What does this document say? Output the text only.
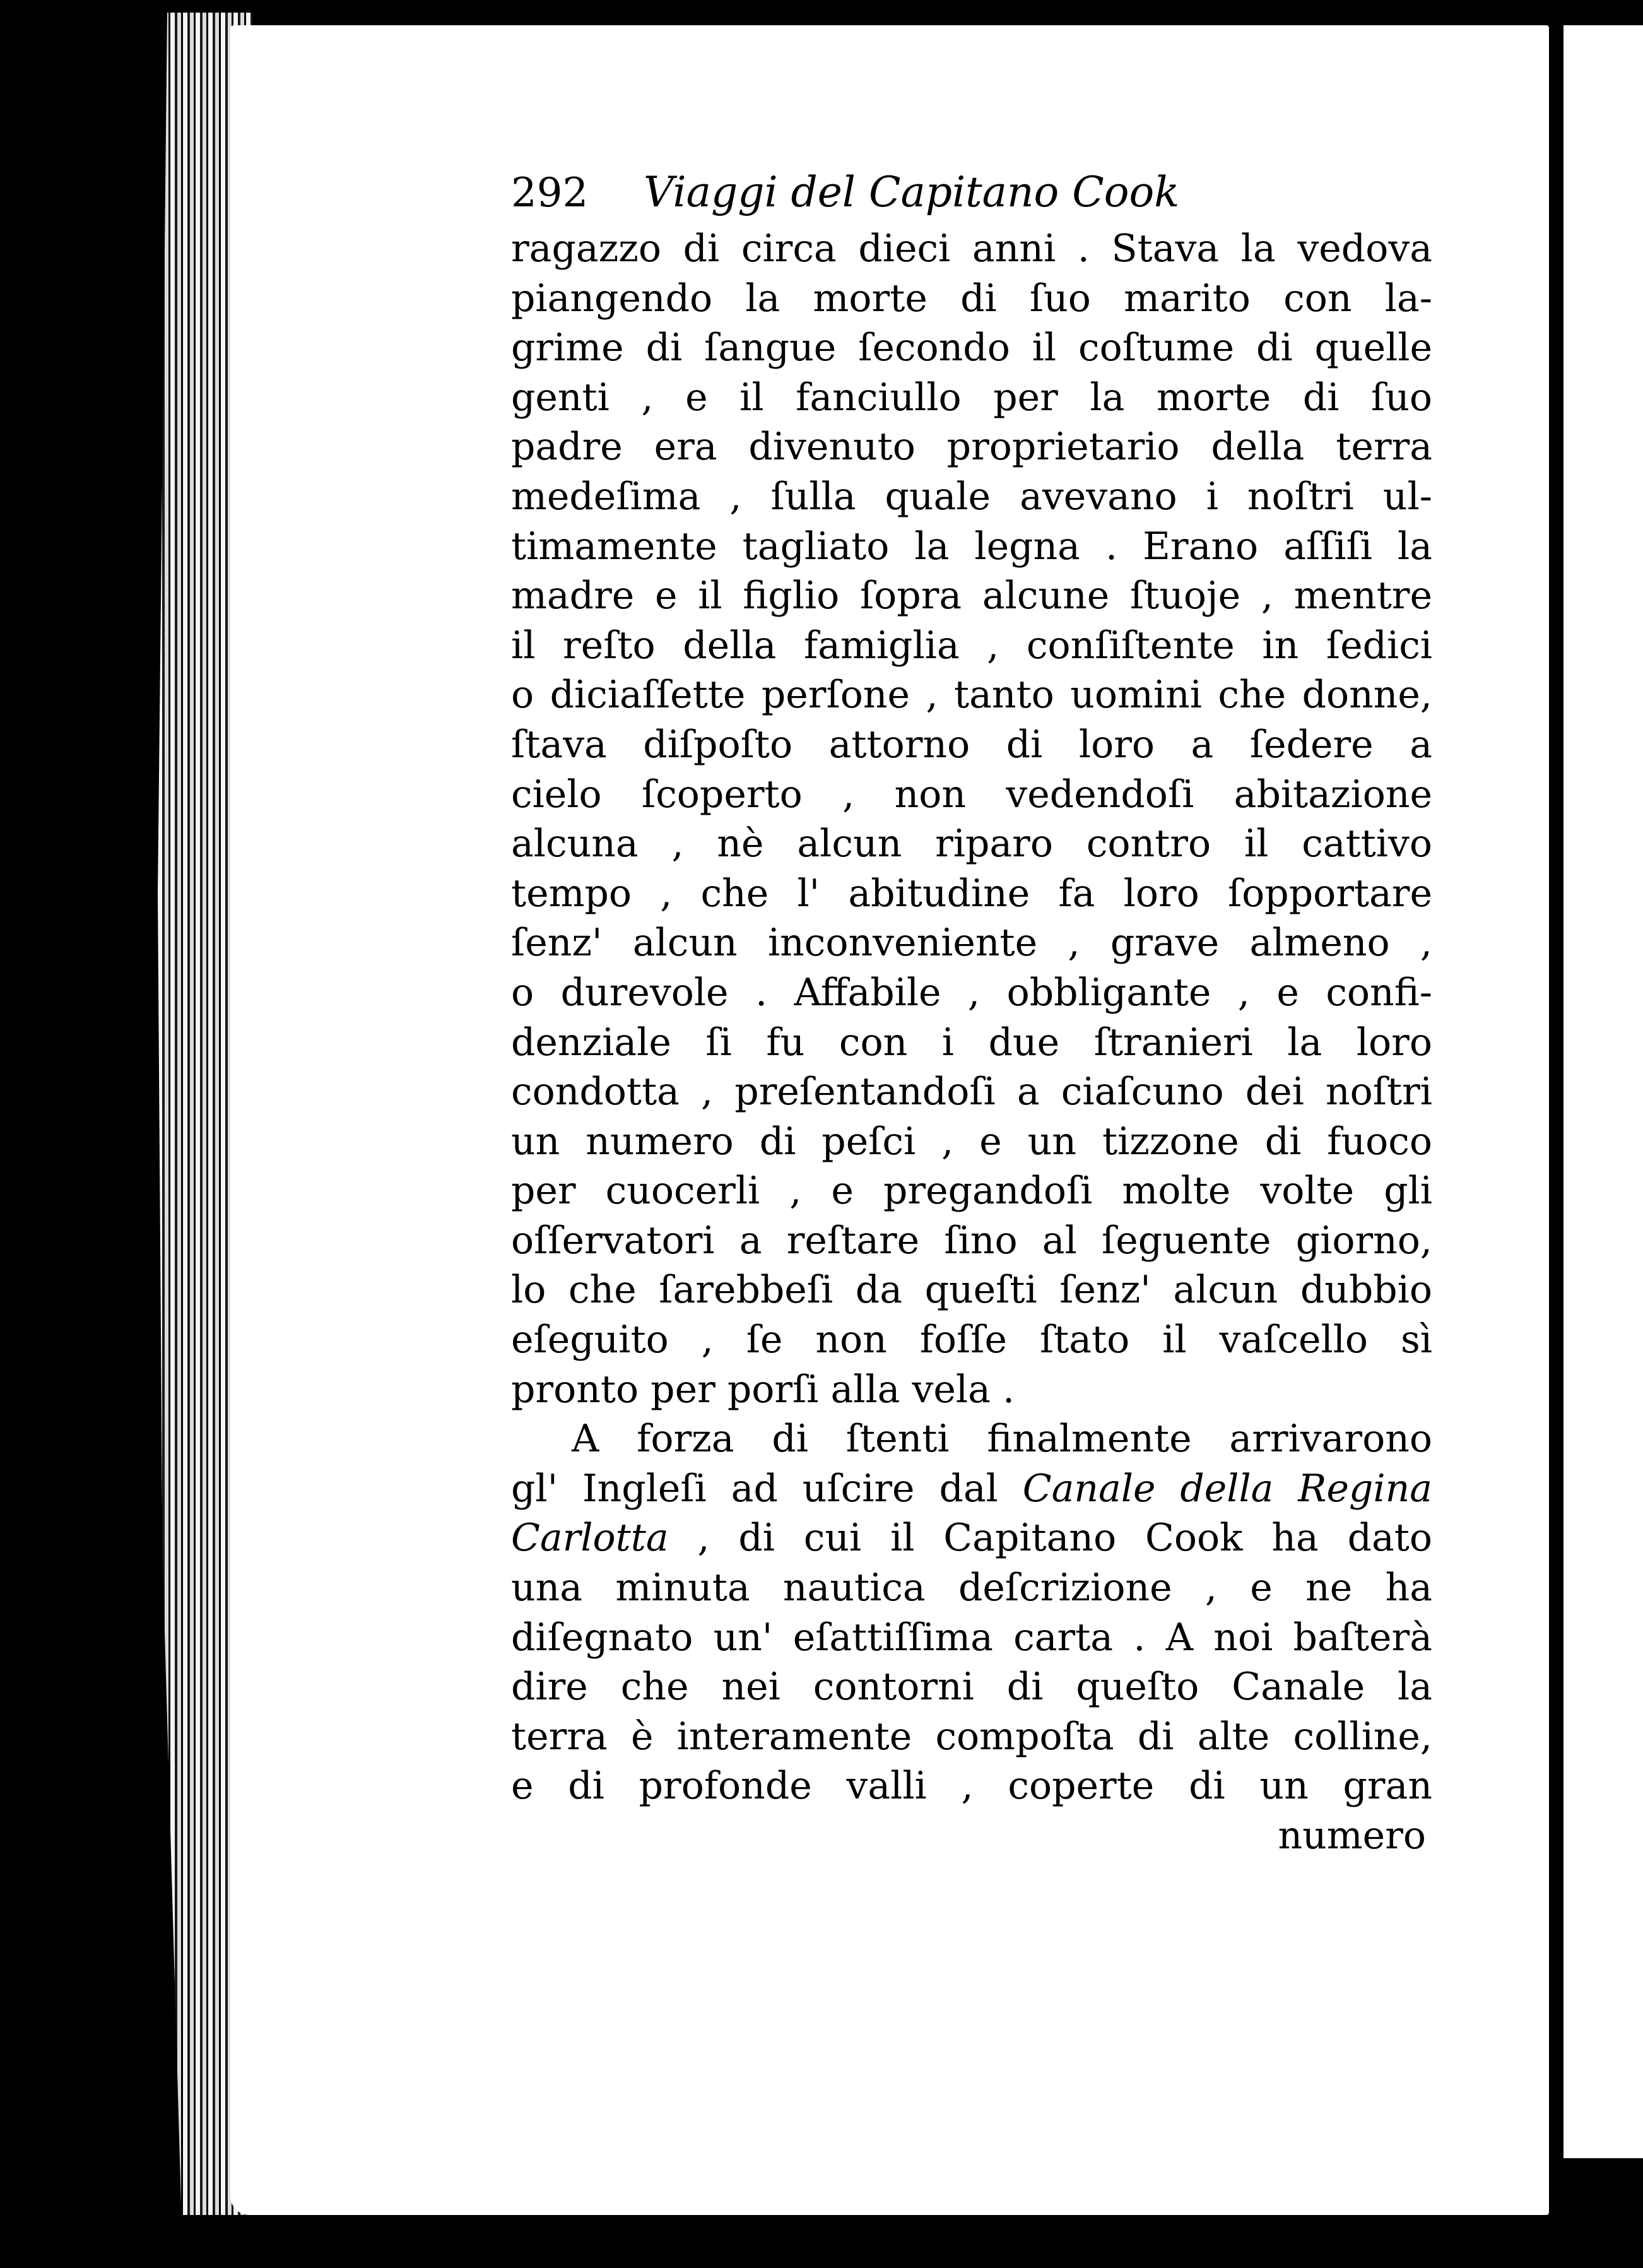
292	Viaggi del Capitano Cook
ragazzo di circa dieci anni . Stava la vedova
piangendo la morte di ſuo marito con la-
grime di ſangue ſecondo il coſtume di quelle
genti , e il fanciullo per la morte di ſuo
padre era divenuto proprietario della terra
medeſima , ſulla quale avevano i noſtri ul-
timamente tagliato la legna . Erano aſſiſi la
madre e il figlio ſopra alcune ſtuoje , mentre
il reſto della famiglia , conſiſtente in ſedici
o diciaſſette perſone , tanto uomini che donne,
ſtava diſpoſto attorno di loro a ſedere a
cielo ſcoperto , non vedendoſi abitazione
alcuna , nè alcun riparo contro il cattivo
tempo , che l' abitudine fa loro ſopportare
ſenz' alcun inconveniente , grave almeno ,
o durevole . Affabile , obbligante , e confi-
denziale ſi fu con i due ſtranieri la loro
condotta , preſentandoſi a ciaſcuno dei noſtri
un numero di peſci , e un tizzone di fuoco
per cuocerli , e pregandoſi molte volte gli
oſſervatori a reſtare ſino al ſeguente giorno,
lo che ſarebbeſi da queſti ſenz' alcun dubbio
eſeguito , ſe non foſſe ſtato il vaſcello sì
pronto per porſi alla vela .
A forza di ſtenti finalmente arrivarono
gl' Ingleſi ad uſcire dal Canale della Regina
Carlotta , di cui il Capitano Cook ha dato
una minuta nautica deſcrizione , e ne ha
diſegnato un' eſattiſſima carta . A noi baſterà
dire che nei contorni di queſto Canale la
terra è interamente compoſta di alte colline,
e di profonde valli , coperte di un gran
numero
